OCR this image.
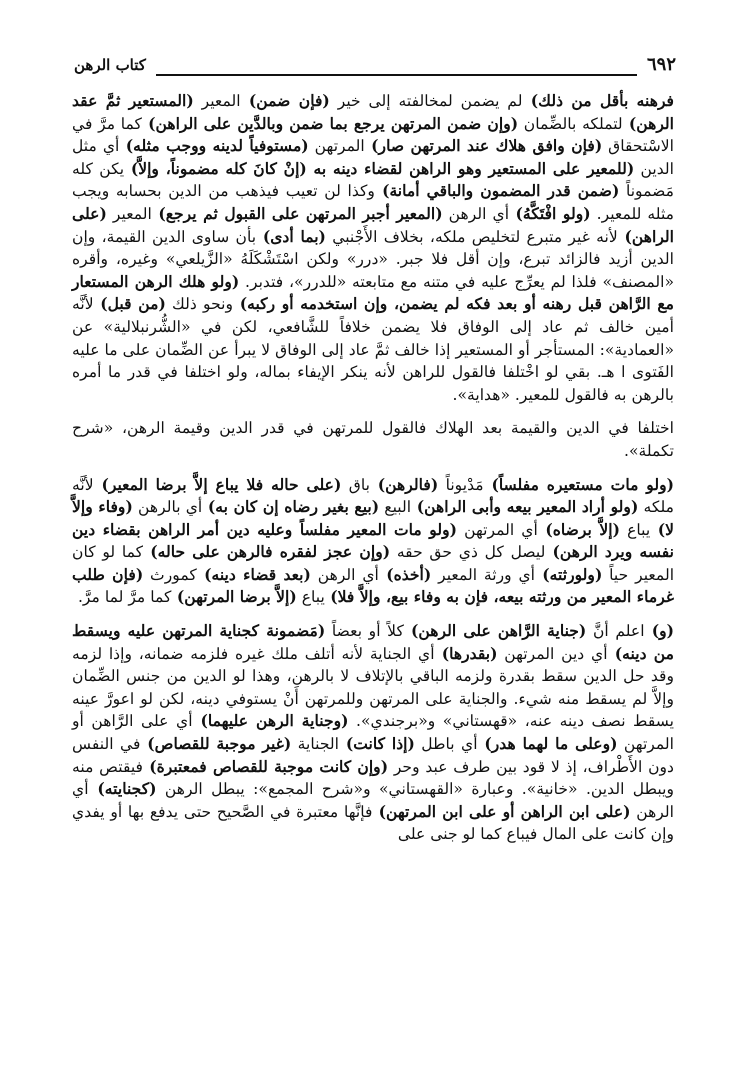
٦٩٢
كتاب الرهن

فرهنه بأقل من ذلك) لم يضمن لمخالفته إلى خير (فإن ضمن) المعير (المستعير ثمَّ عقد الرهن) لتملكه بالضِّمان (وإن ضمن المرتهن يرجع بما ضمن وبالدَّين على الراهن) كما مرَّ في الاسْتحقاق (فإن وافق هلاك عند المرتهن صار) المرتهن (مستوفياً لدينه ووجب مثله) أي مثل الدين (للمعير على المستعير وهو الراهن لقضاء دينه به (إنْ كانَ كله مضموناً، وإلاَّ) يكن كله مَضموناً (ضمن قدر المضمون والباقي أمانة) وكذا لن تعيب فيذهب من الدين بحسابه ويجب مثله للمعير. (ولو افْتَكَّهُ) أي الرهن (المعير أجبر المرتهن على القبول ثم يرجع) المعير (على الراهن) لأنه غير متبرع لتخليص ملكه، بخلاف الأَجْنبي (بما أدى) بأن ساوى الدين القيمة، وإن الدين أزيد فالزائد تبرع، وإن أقل فلا جبر. «درر» ولكن اسْتَشْكَلَهُ «الزَّيلعي» وغيره، وأقره «المصنف» فلذا لم يعرِّج عليه في متنه مع متابعته «للدرر»، فتدبر. (ولو هلك الرهن المستعار مع الرَّاهن قبل رهنه أو بعد فكه لم يضمن، وإن استخدمه أو ركبه) ونحو ذلك (من قبل) لأنَّه أمين خالف ثم عاد إلى الوفاق فلا يضمن خلافاً للشَّافعي، لكن في «الشُّرنبلالية» عن «العمادية»: المستأجر أو المستعير إذا خالف ثمَّ عاد إلى الوفاق لا يبرأ عن الضِّمان على ما عليه الفَتوى ا هـ. بقي لو اخْتلفا فالقول للراهن لأنه ينكر الإيفاء بماله، ولو اختلفا في قدر ما أمره بالرهن به فالقول للمعير. «هداية».

اختلفا في الدين والقيمة بعد الهلاك فالقول للمرتهن في قدر الدين وقيمة الرهن، «شرح تكملة».

(ولو مات مستعيره مفلساً) مَدْيوناً (فالرهن) باق (على حاله فلا يباع إلاَّ برضا المعير) لأنَّه ملكه (ولو أراد المعير بيعه وأبى الراهن) البيع (بيع بغير رضاه إن كان به) أي بالرهن (وفاء وإلاَّ لا) يباع (إلاَّ برضاه) أي المرتهن (ولو مات المعير مفلساً وعليه دين أمر الراهن بقضاء دين نفسه ويرد الرهن) ليصل كل ذي حق حقه (وإن عجز لفقره فالرهن على حاله) كما لو كان المعير حياً (ولورثته) أي ورثة المعير (أخذه) أي الرهن (بعد قضاء دينه) كمورث (فإن طلب غرماء المعير من ورثته بيعه، فإن به وفاء بيع، وإلاَّ فلا) يباع (إلاَّ برضا المرتهن) كما مرَّ لما مرَّ.

(و) اعلم أنَّ (جناية الرَّاهن على الرهن) كلاً أو بعضاً (مَضمونة كجناية المرتهن عليه ويسقط من دينه) أي دين المرتهن (بقدرها) أي الجناية لأنه أتلف ملك غيره فلزمه ضمانه، وإذا لزمه وقد حل الدين سقط بقدرة ولزمه الباقي بالإتلاف لا بالرهن، وهذا لو الدين من جنس الضِّمان وإلاَّ لم يسقط منه شيء. والجناية على المرتهن وللمرتهن أَنْ يستوفي دينه، لكن لو اعورَّ عينه يسقط نصف دينه عنه، «قهستاني» و«برجندي». (وجناية الرهن عليهما) أي على الرَّاهن أو المرتهن (وعلى ما لهما هدر) أي باطل (إذا كانت) الجناية (غير موجبة للقصاص) في النفس دون الأَطْراف، إذ لا قود بين طرف عبد وحر (وإن كانت موجبة للقصاص فمعتبرة) فيقتص منه ويبطل الدين. «خانية». وعبارة «القهستاني» و«شرح المجمع»: يبطل الرهن (كجنايته) أي الرهن (على ابن الراهن أو على ابن المرتهن) فإنَّها معتبرة في الصَّحيح حتى يدفع بها أو يفدي وإن كانت على المال فيباع كما لو جنى على
